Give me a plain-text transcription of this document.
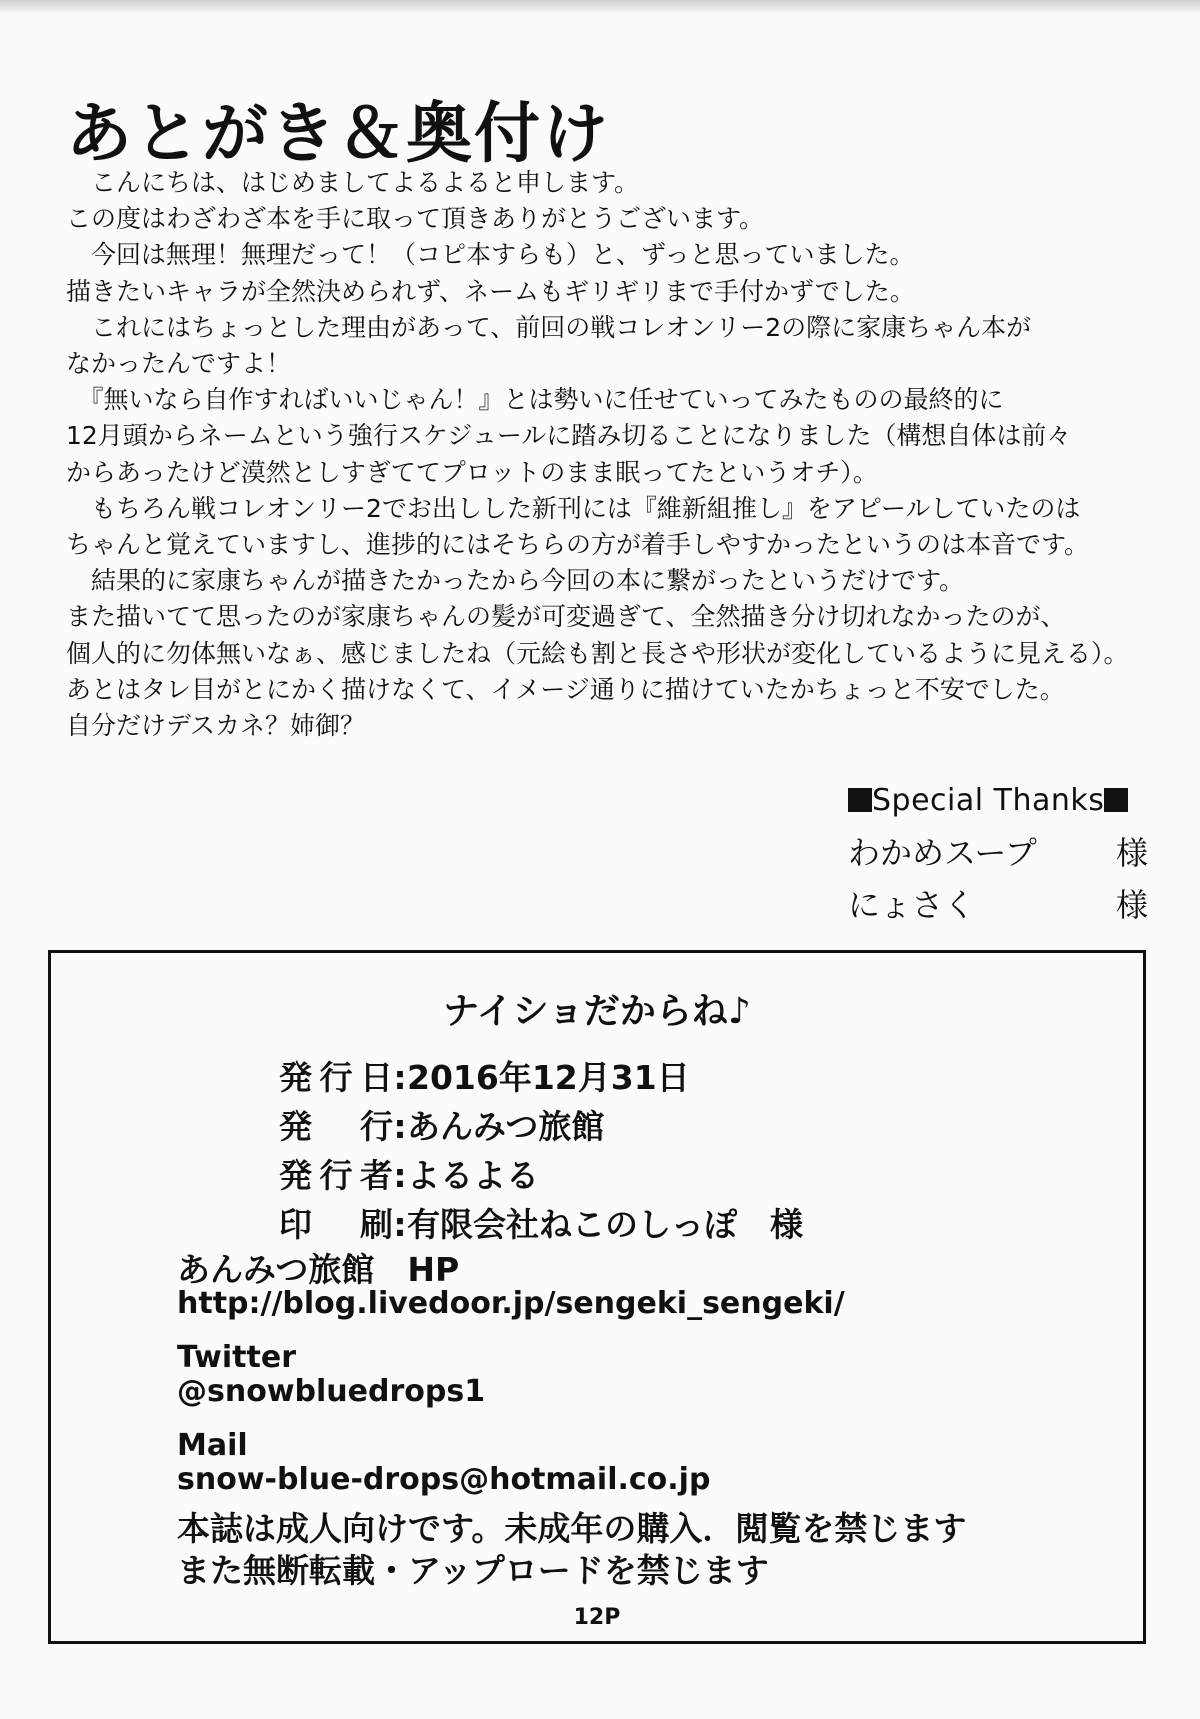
あとがき＆奥付け

　こんにちは、はじめましてよるよると申します。

この度はわざわざ本を手に取って頂きありがとうございます。

　今回は無理！無理だって！（コピ本すらも）と、ずっと思っていました。

描きたいキャラが全然決められず、ネームもギリギリまで手付かずでした。

　これにはちょっとした理由があって、前回の戦コレオンリー2の際に家康ちゃん本が

なかったんですよ！

　『無いなら自作すればいいじゃん！』とは勢いに任せていってみたものの最終的に

12月頭からネームという強行スケジュールに踏み切ることになりました（構想自体は前々

からあったけど漠然としすぎててプロットのまま眠ってたというオチ）。

　もちろん戦コレオンリー2でお出しした新刊には『維新組推し』をアピールしていたのは

ちゃんと覚えていますし、進捗的にはそちらの方が着手しやすかったというのは本音です。

　結果的に家康ちゃんが描きたかったから今回の本に繋がったというだけです。

また描いてて思ったのが家康ちゃんの髪が可変過ぎて、全然描き分け切れなかったのが、

個人的に勿体無いなぁ、感じましたね（元絵も割と長さや形状が変化しているように見える）。

あとはタレ目がとにかく描けなくて、イメージ通りに描けていたかちょっと不安でした。

自分だけデスカネ？姉御？

Special Thanks
わかめスープ 様
にょさく	様
ナイショだからね♪
発行日:2016年12月31日
発行:あんみつ旅館
発行者:よるよる
印刷:有限会社ねこのしっぽ　様
あんみつ旅館　HP
http://blog.livedoor.jp/sengeki_sengeki/
Twitter
@snowbluedrops1
Mail
snow-blue-drops@hotmail.co.jp
本誌は成人向けです。未成年の購入．閲覧を禁じます
また無断転載・アップロードを禁じます
12P
